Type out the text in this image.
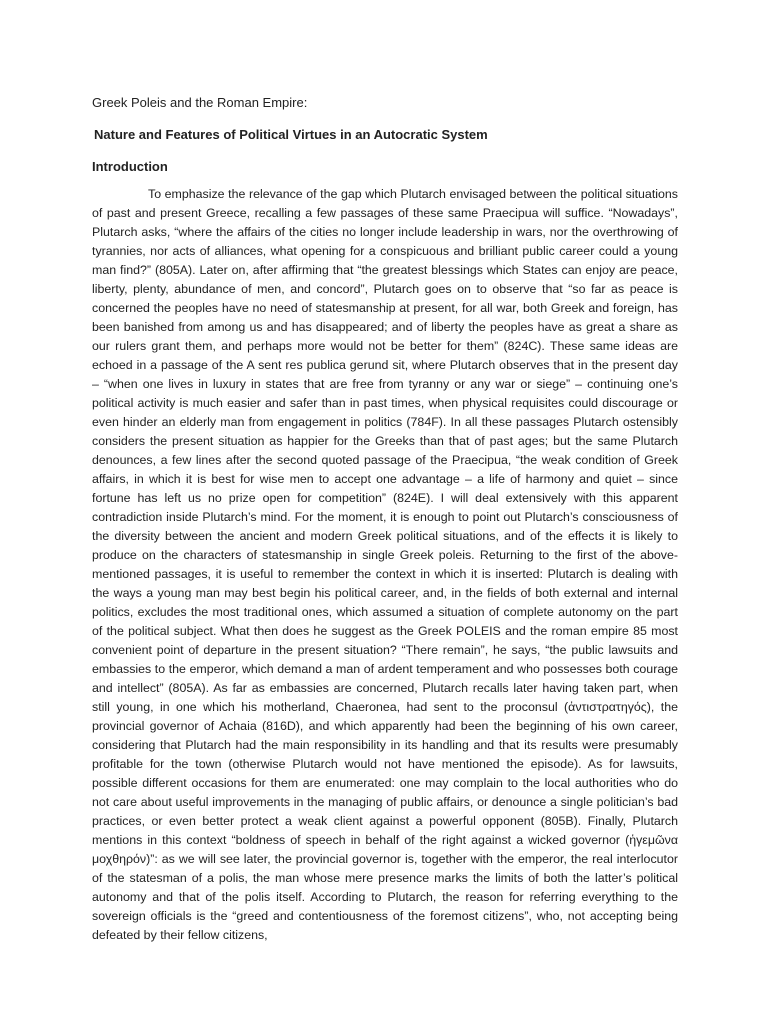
Greek Poleis and the Roman Empire:

Nature and Features of Political Virtues in an Autocratic System

Introduction

To emphasize the relevance of the gap which Plutarch envisaged between the political situations of past and present Greece, recalling a few passages of these same Praecipua will suffice. “Nowadays”, Plutarch asks, “where the affairs of the cities no longer include leadership in wars, nor the overthrowing of tyrannies, nor acts of alliances, what opening for a conspicuous and brilliant public career could a young man find?” (805A). Later on, after affirming that “the greatest blessings which States can enjoy are peace, liberty, plenty, abundance of men, and concord”, Plutarch goes on to observe that “so far as peace is concerned the peoples have no need of statesmanship at present, for all war, both Greek and foreign, has been banished from among us and has disappeared; and of liberty the peoples have as great a share as our rulers grant them, and perhaps more would not be better for them” (824C). These same ideas are echoed in a passage of the A sent res publica gerund sit, where Plutarch observes that in the present day – “when one lives in luxury in states that are free from tyranny or any war or siege” – continuing one’s political activity is much easier and safer than in past times, when physical requisites could discourage or even hinder an elderly man from engagement in politics (784F). In all these passages Plutarch ostensibly considers the present situation as happier for the Greeks than that of past ages; but the same Plutarch denounces, a few lines after the second quoted passage of the Praecipua, “the weak condition of Greek affairs, in which it is best for wise men to accept one advantage – a life of harmony and quiet – since fortune has left us no prize open for competition” (824E). I will deal extensively with this apparent contradiction inside Plutarch’s mind. For the moment, it is enough to point out Plutarch’s consciousness of the diversity between the ancient and modern Greek political situations, and of the effects it is likely to produce on the characters of statesmanship in single Greek poleis. Returning to the first of the above-mentioned passages, it is useful to remember the context in which it is inserted: Plutarch is dealing with the ways a young man may best begin his political career, and, in the fields of both external and internal politics, excludes the most traditional ones, which assumed a situation of complete autonomy on the part of the political subject. What then does he suggest as the Greek POLEIS and the roman empire 85 most convenient point of departure in the present situation? “There remain”, he says, “the public lawsuits and embassies to the emperor, which demand a man of ardent temperament and who possesses both courage and intellect” (805A). As far as embassies are concerned, Plutarch recalls later having taken part, when still young, in one which his motherland, Chaeronea, had sent to the proconsul (ἀντιστρατηγός), the provincial governor of Achaia (816D), and which apparently had been the beginning of his own career, considering that Plutarch had the main responsibility in its handling and that its results were presumably profitable for the town (otherwise Plutarch would not have mentioned the episode). As for lawsuits, possible different occasions for them are enumerated: one may complain to the local authorities who do not care about useful improvements in the managing of public affairs, or denounce a single politician’s bad practices, or even better protect a weak client against a powerful opponent (805B). Finally, Plutarch mentions in this context “boldness of speech in behalf of the right against a wicked governor (ἡγεμῶνα μοχθηρόν)”: as we will see later, the provincial governor is, together with the emperor, the real interlocutor of the statesman of a polis, the man whose mere presence marks the limits of both the latter’s political autonomy and that of the polis itself. According to Plutarch, the reason for referring everything to the sovereign officials is the “greed and contentiousness of the foremost citizens”, who, not accepting being defeated by their fellow citizens,
